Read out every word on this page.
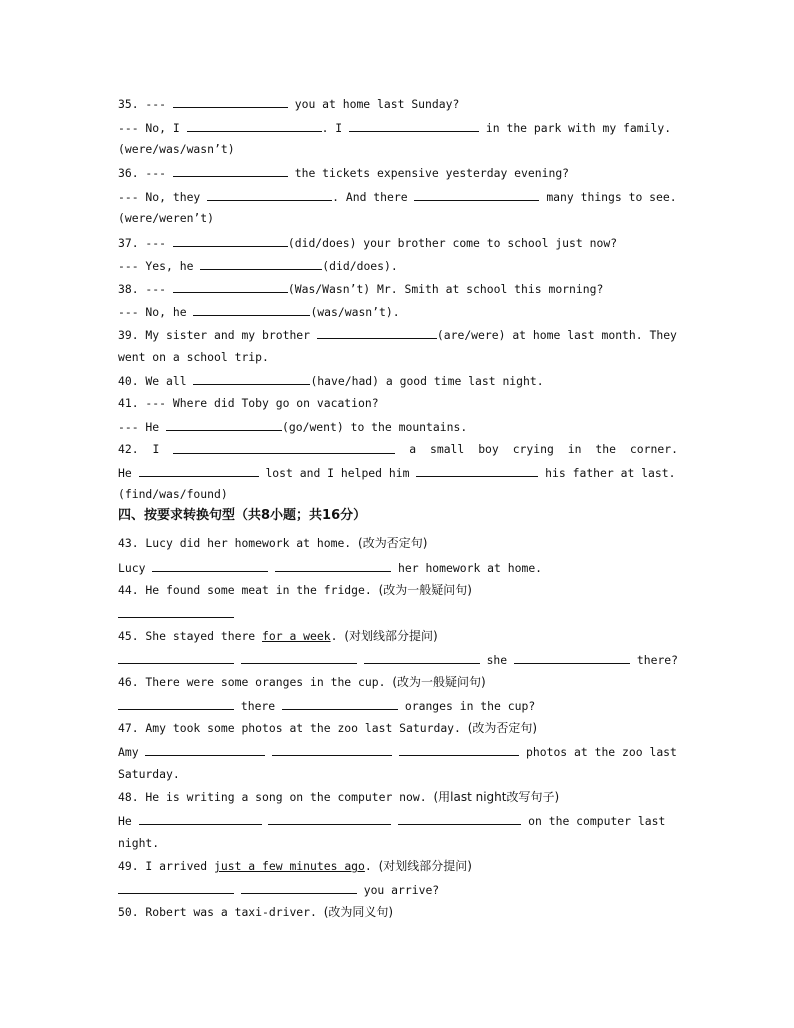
35. ---	you at home last Sunday?
--- No, I	. I	in the park with my family.
(were/was/wasn’t)
36. ---	the tickets expensive yesterday evening?
--- No, they	. And there	many things to see.
(were/weren’t)
37. ---	(did/does) your brother come to school just now?
--- Yes, he	(did/does).
38. ---	(Was/Wasn’t) Mr. Smith at school this morning?
--- No, he	(was/wasn’t).
39. My sister and my brother	(are/were) at home last month. They
went on a school trip.
40. We all	(have/had) a good time last night.
41. --- Where did Toby go on vacation?
--- He	(go/went) to the mountains.
42. I	a small boy crying in the corner.
He	lost and I helped him	his father at last.
(find/was/found)
四、按要求转换句型（共8小题；共16分）
43. Lucy did her homework at home. (改为否定句)
Lucy	her homework at home.
44. He found some meat in the fridge. (改为一般疑问句)
45. She stayed there for a week. (对划线部分提问)
she	there?
46. There were some oranges in the cup. (改为一般疑问句)
there	oranges in the cup?
47. Amy took some photos at the zoo last Saturday. (改为否定句)
Amy	photos at the zoo last
Saturday.
48. He is writing a song on the computer now. (用last night改写句子)
He	on the computer last
night.
49. I arrived just a few minutes ago. (对划线部分提问)
you arrive?
50. Robert was a taxi-driver. (改为同义句)
